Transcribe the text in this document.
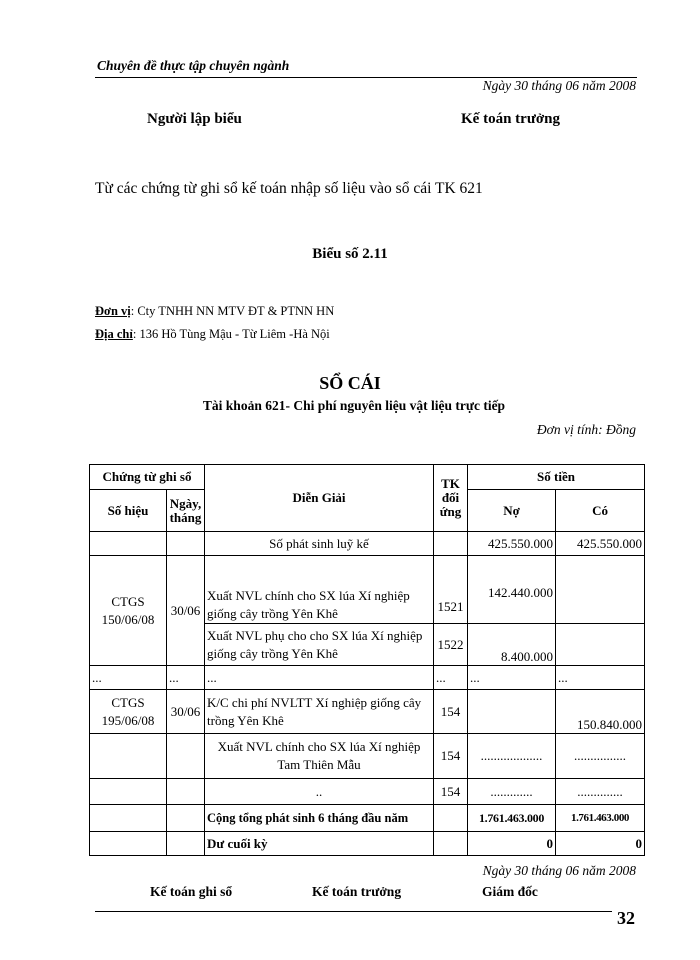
Chuyên đề thực tập chuyên ngành
Ngày 30 tháng 06 năm 2008
Người lập biểu	Kế toán trưởng
Từ các chứng từ ghi sổ kế toán nhập số liệu vào sổ cái TK 621
Biểu số 2.11
Đơn vị: Cty TNHH NN MTV ĐT & PTNN HN
Địa chỉ: 136 Hồ Tùng Mậu - Từ Liêm -Hà Nội
SỔ CÁI
Tài khoản 621- Chi phí nguyên liệu vật liệu trực tiếp
Đơn vị tính: Đồng
Chứng từ ghi sổ		Diễn Giải	TK đối ứng	Số tiền	
Số hiệu	Ngày, tháng			Nợ	Có
		Số phát sinh luỹ kế		425.550.000	425.550.000
CTGS 150/06/08	30/06	Xuất NVL chính cho SX lúa Xí nghiệp giống cây trồng Yên Khê	1521	142.440.000	
		Xuất NVL phụ cho cho SX lúa Xí nghiệp giống cây trồng Yên Khê	1522	8.400.000	
...	...	...	...	...	...
CTGS 195/06/08	30/06	K/C chi phí NVLTT Xí nghiệp giống cây trồng Yên Khê	154		150.840.000
		Xuất NVL chính cho SX lúa Xí nghiệp Tam Thiên Mẫu	154	...................	................
		..	154	.............	..............
		Cộng tổng phát sinh 6 tháng đầu năm		1.761.463.000	1.761.463.000
		Dư cuối kỳ		0	0
Ngày 30 tháng 06 năm 2008
Kế toán ghi sổ	Kế toán trưởng	Giám đốc
32
